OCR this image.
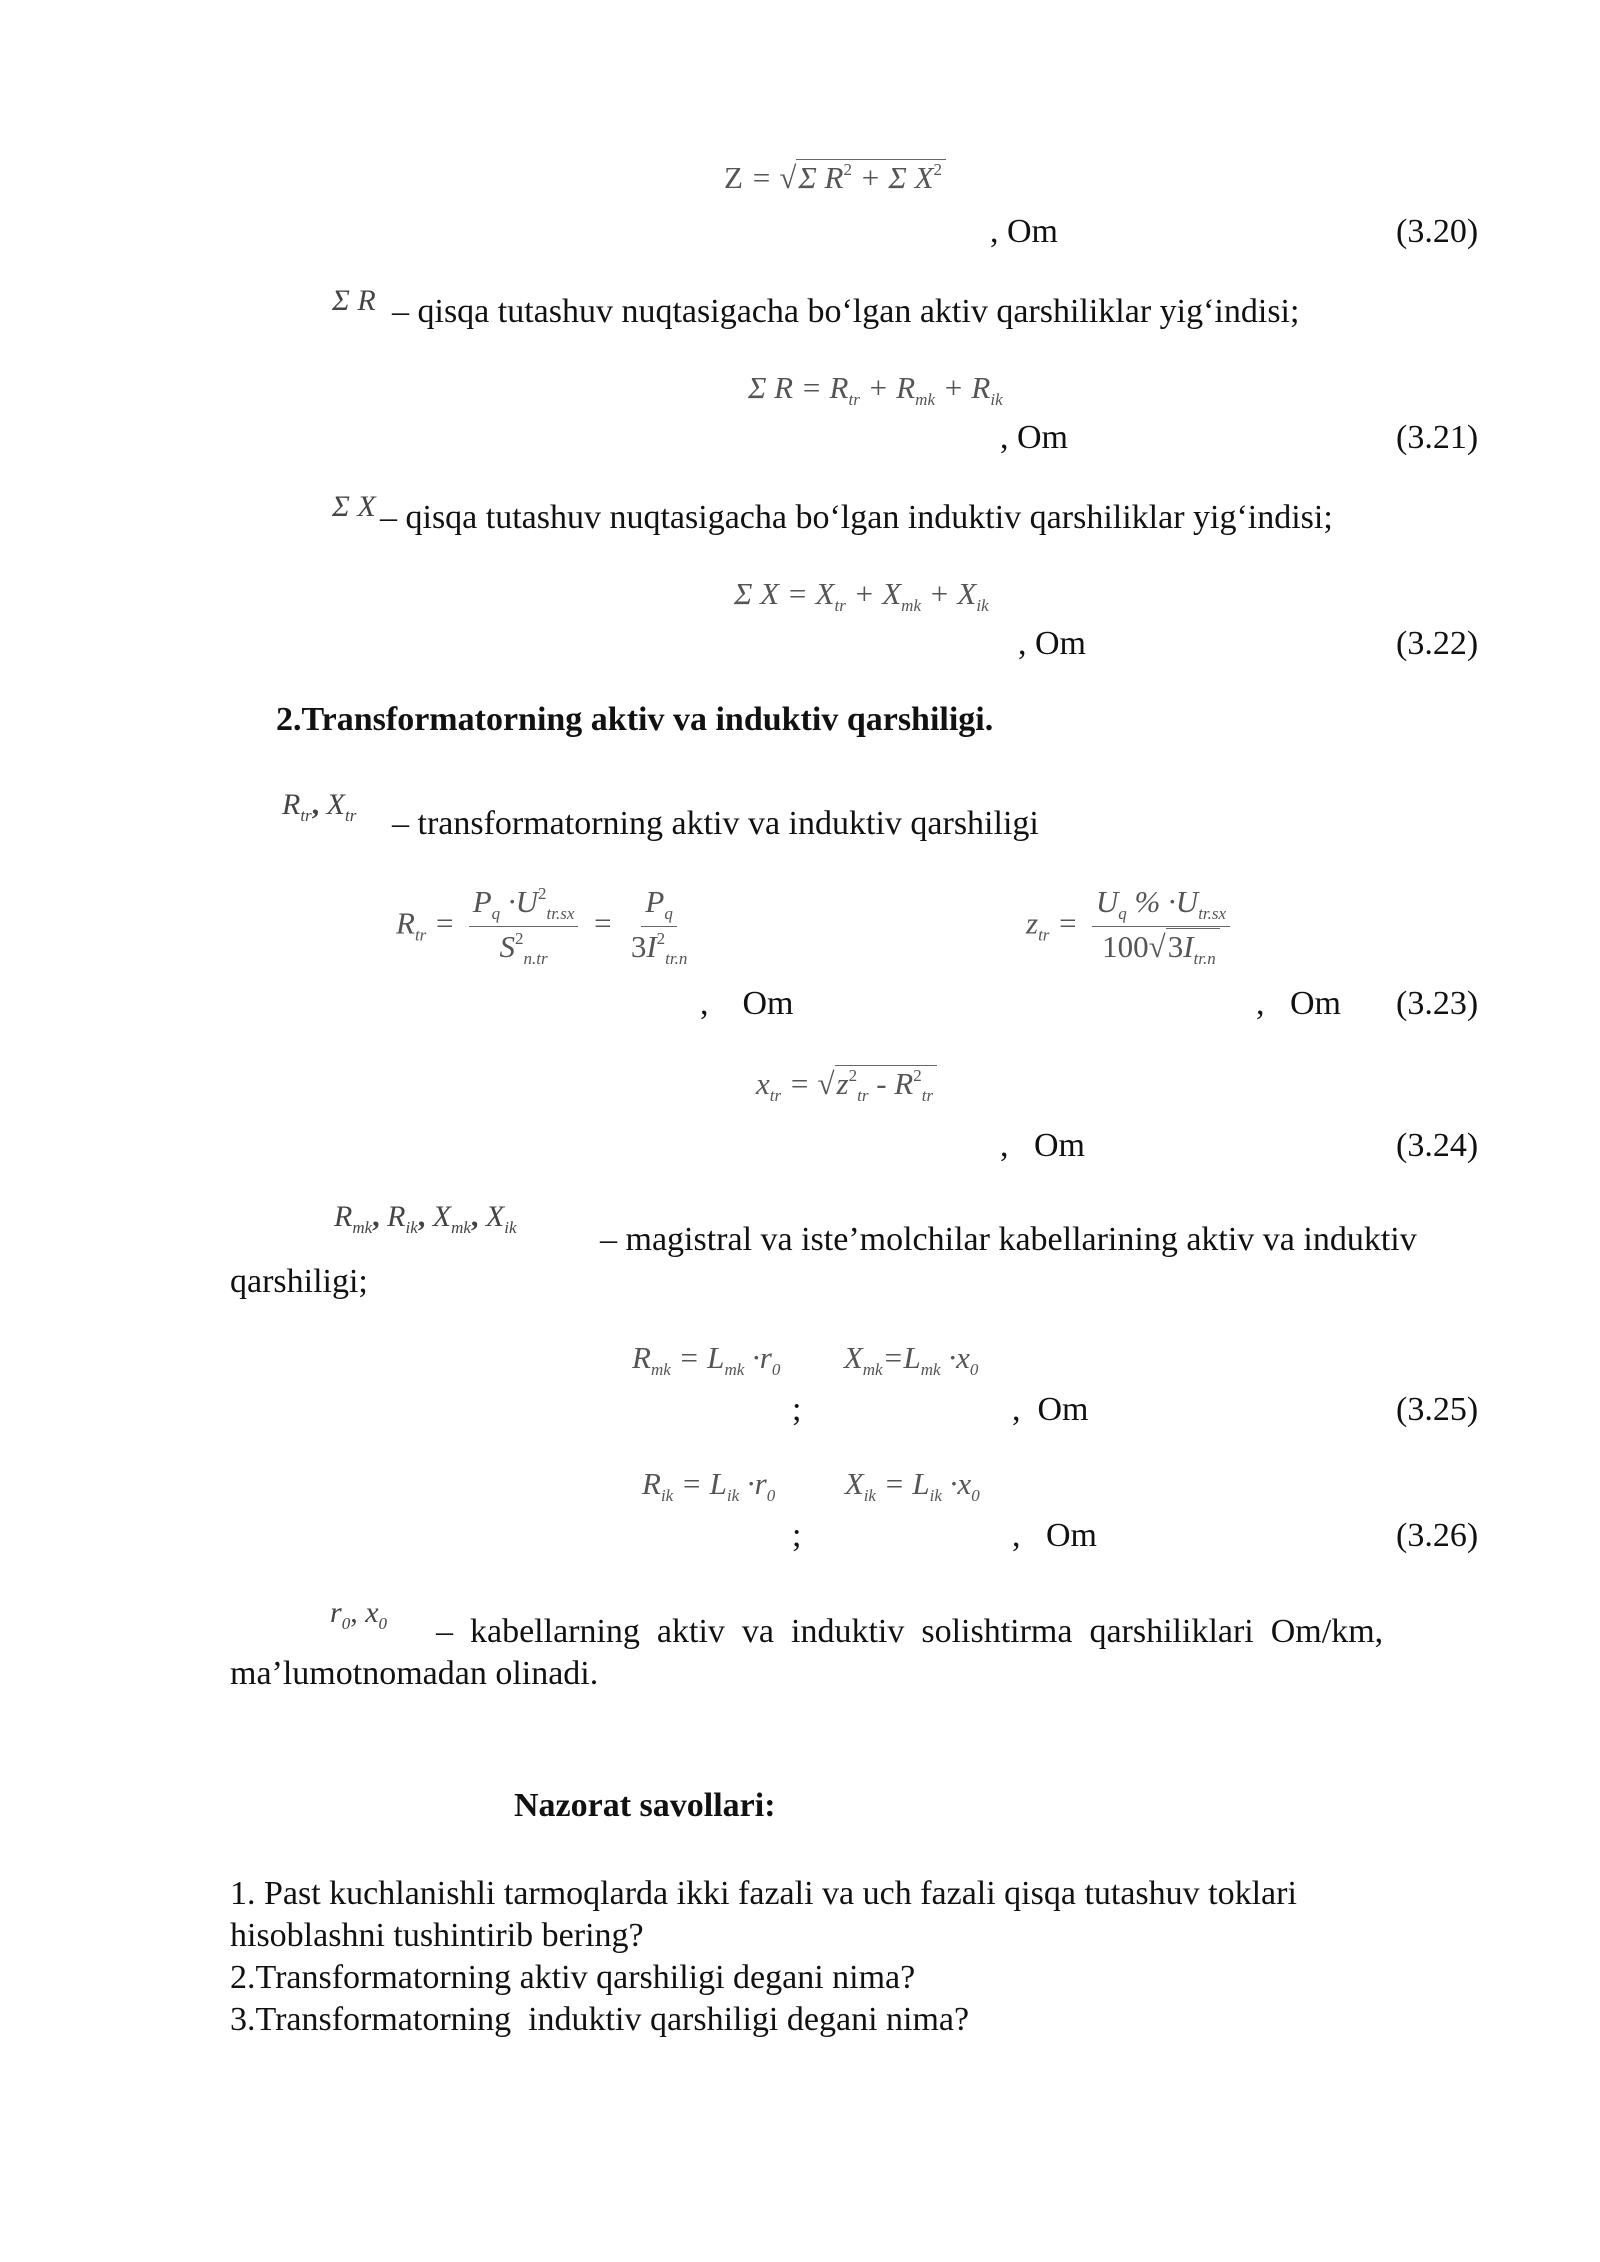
Z = √Σ $R^2 + \Sigma$ $X^2$
, Om	(3.20)
Σ R – qisqa tutashuv nuqtasigacha bo‘lgan aktiv qarshiliklar yig‘indisi;
Σ $R = R_{tr} + R_{mk} + R_{ik}$
, Om	(3.21)
Σ X – qisqa tutashuv nuqtasigacha bo‘lgan induktiv qarshiliklar yig‘indisi;
Σ $X = X_{tr} + X_{mk} + X_{ik}$
, Om	(3.22)
2.Transformatorning aktiv va induktiv qarshiligi.
$R_{tr}$, $X_{tr}$ – transformatorning aktiv va induktiv qarshiligi
$R_{tr} = \frac{P_q \cdot U^2_{tr.sx}}{S^2_{n.tr}} = \frac{P_q}{3I^2_{tr.n}}$	$z_{tr} = \frac{U_q \% \cdot U_{tr.sx}}{100√3I_{tr.n}}$
,    Om	,   Om (3.23)
$x_{tr} = √z^2_{tr} - R^2_{tr}$
,   Om	(3.24)
$R_{mk}$, $R_{ik}$, $X_{mk}$, $X_{ik}$ – magistral va iste’molchilar kabellarining aktiv va induktiv
qarshiligi;
$R_{mk} = L_{mk} \cdot r_0$  $X_{mk}=L_{mk} \cdot x_0$
;	,  Om	(3.25)
$R_{ik} = L_{ik} \cdot r_0$  $X_{ik} = L_{ik} \cdot x_0$
;	,   Om	(3.26)
$r_0$, $x_0$ –  kabellarning  aktiv  va  induktiv  solishtirma  qarshiliklari  Om/km,
ma’lumotnomadan olinadi.
Nazorat savollari:
1. Past kuchlanishli tarmoqlarda ikki fazali va uch fazali qisqa tutashuv toklari
hisoblashni tushintirib bering?
2.Transformatorning aktiv qarshiligi degani nima?
3.Transformatorning  induktiv qarshiligi degani nima?
